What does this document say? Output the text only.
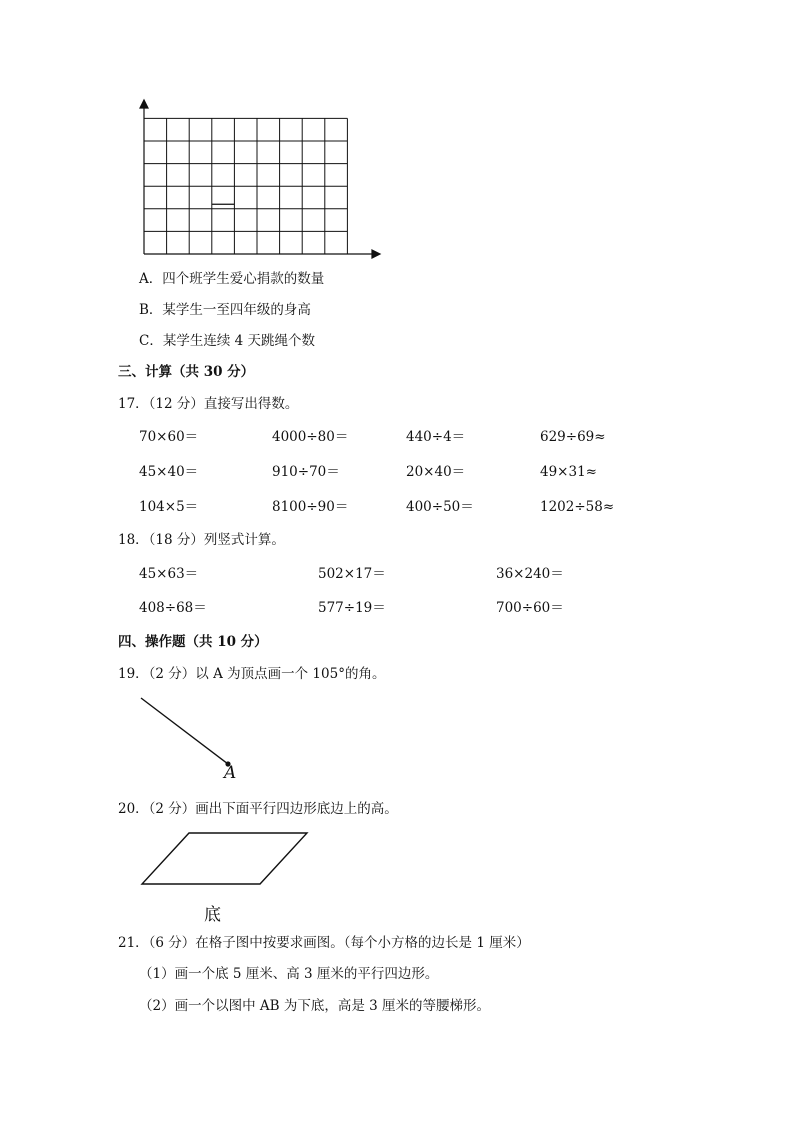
A．四个班学生爱心捐款的数量
B．某学生一至四年级的身高
C．某学生连续 4 天跳绳个数
三、计算（共 30 分）
17．（12 分）直接写出得数。
70×60＝	4000÷80＝	440÷4＝	629÷69≈
45×40＝	910÷70＝	20×40＝	49×31≈
104×5＝	8100÷90＝	400÷50＝	1202÷58≈
18．（18 分）列竖式计算。
45×63＝	502×17＝	36×240＝
408÷68＝	577÷19＝	700÷60＝
四、操作题（共 10 分）
19．（2 分）以 A 为顶点画一个 105°的角。
A
20．（2 分）画出下面平行四边形底边上的高。
底
21．（6 分）在格子图中按要求画图。（每个小方格的边长是 1 厘米）
（1）画一个底 5 厘米、高 3 厘米的平行四边形。
（2）画一个以图中 AB 为下底，高是 3 厘米的等腰梯形。
